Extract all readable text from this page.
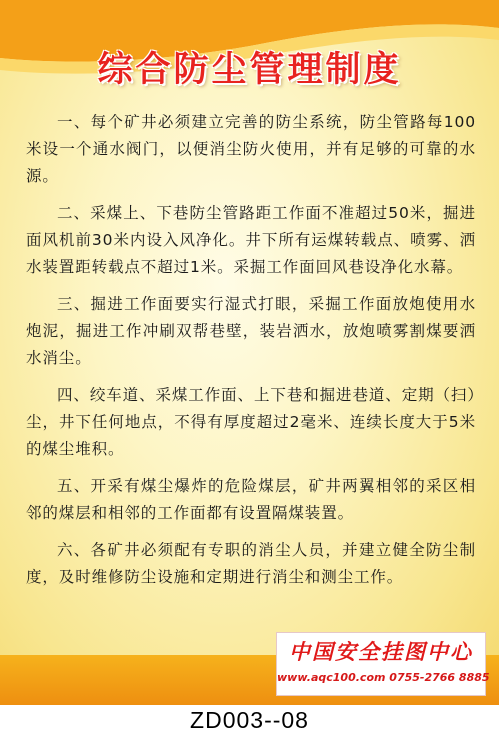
综合防尘管理制度

一、每个矿井必须建立完善的防尘系统，防尘管路每100米设一个通水阀门，以便消尘防火使用，并有足够的可靠的水源。

二、采煤上、下巷防尘管路距工作面不准超过50米，掘进面风机前30米内设入风净化。井下所有运煤转载点、喷雾、洒水装置距转载点不超过1米。采掘工作面回风巷设净化水幕。

三、掘进工作面要实行湿式打眼，采掘工作面放炮使用水炮泥，掘进工作冲刷双帮巷壁，装岩洒水，放炮喷雾割煤要洒水消尘。

四、绞车道、采煤工作面、上下巷和掘进巷道、定期（扫）尘，井下任何地点，不得有厚度超过2毫米、连续长度大于5米的煤尘堆积。

五、开采有煤尘爆炸的危险煤层，矿井两翼相邻的采区相邻的煤层和相邻的工作面都有设置隔煤装置。

六、各矿井必须配有专职的消尘人员，并建立健全防尘制度，及时维修防尘设施和定期进行消尘和测尘工作。

中国安全挂图中心
www.aqc100.com 0755-2766 8885
ZD003--08
